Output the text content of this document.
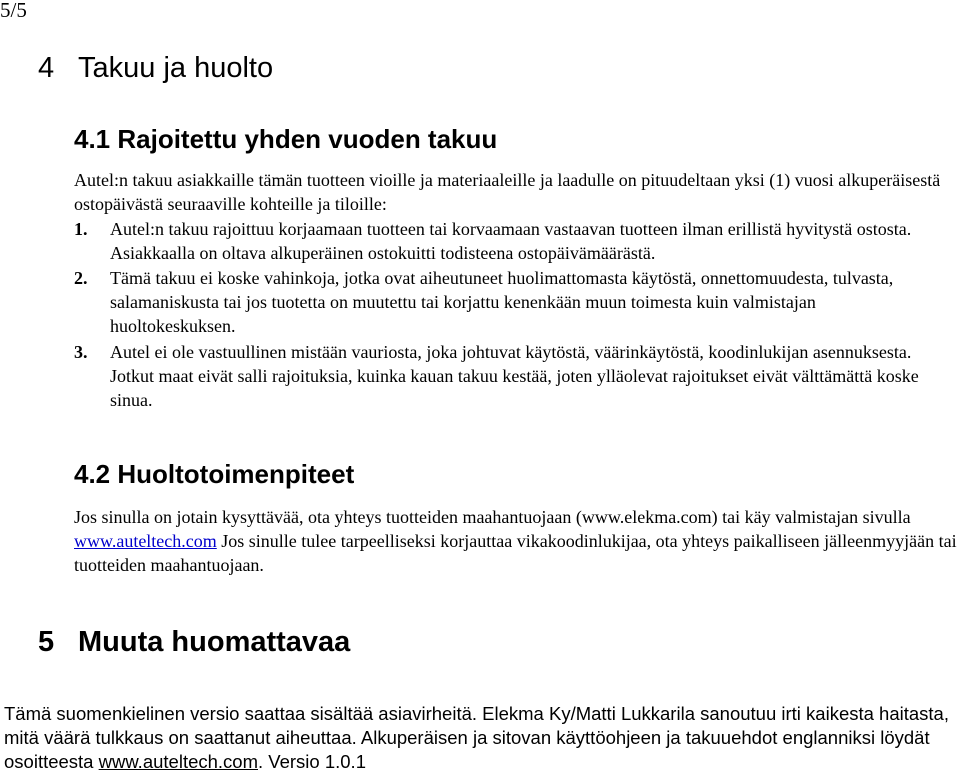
5/5
4 Takuu ja huolto
4.1 Rajoitettu yhden vuoden takuu

Autel:n takuu asiakkaille tämän tuotteen vioille ja materiaaleille ja laadulle on pituudeltaan yksi (1) vuosi alkuperäisestä ostopäivästä seuraaville kohteille ja tiloille:

1. Autel:n takuu rajoittuu korjaamaan tuotteen tai korvaamaan vastaavan tuotteen ilman erillistä hyvitystä ostosta. Asiakkaalla on oltava alkuperäinen ostokuitti todisteena ostopäivämäärästä.
2. Tämä takuu ei koske vahinkoja, jotka ovat aiheutuneet huolimattomasta käytöstä, onnettomuudesta, tulvasta, salamaniskusta tai jos tuotetta on muutettu tai korjattu kenenkään muun toimesta kuin valmistajan huoltokeskuksen.
3. Autel ei ole vastuullinen mistään vauriosta, joka johtuvat käytöstä, väärinkäytöstä, koodinlukijan asennuksesta. Jotkut maat eivät salli rajoituksia, kuinka kauan takuu kestää, joten ylläolevat rajoitukset eivät välttämättä koske sinua.
4.2 Huoltotoimenpiteet

Jos sinulla on jotain kysyttävää, ota yhteys tuotteiden maahantuojaan (www.elekma.com) tai käy valmistajan sivulla www.auteltech.com Jos sinulle tulee tarpeelliseksi korjauttaa vikakoodinlukijaa, ota yhteys paikalliseen jälleenmyyjään tai tuotteiden maahantuojaan.

5 Muuta huomattavaa

Tämä suomenkielinen versio saattaa sisältää asiavirheitä. Elekma Ky/Matti Lukkarila sanoutuu irti kaikesta haitasta, mitä väärä tulkkaus on saattanut aiheuttaa. Alkuperäisen ja sitovan käyttöohjeen ja takuuehdot englanniksi löydät osoitteesta www.auteltech.com. Versio 1.0.1
